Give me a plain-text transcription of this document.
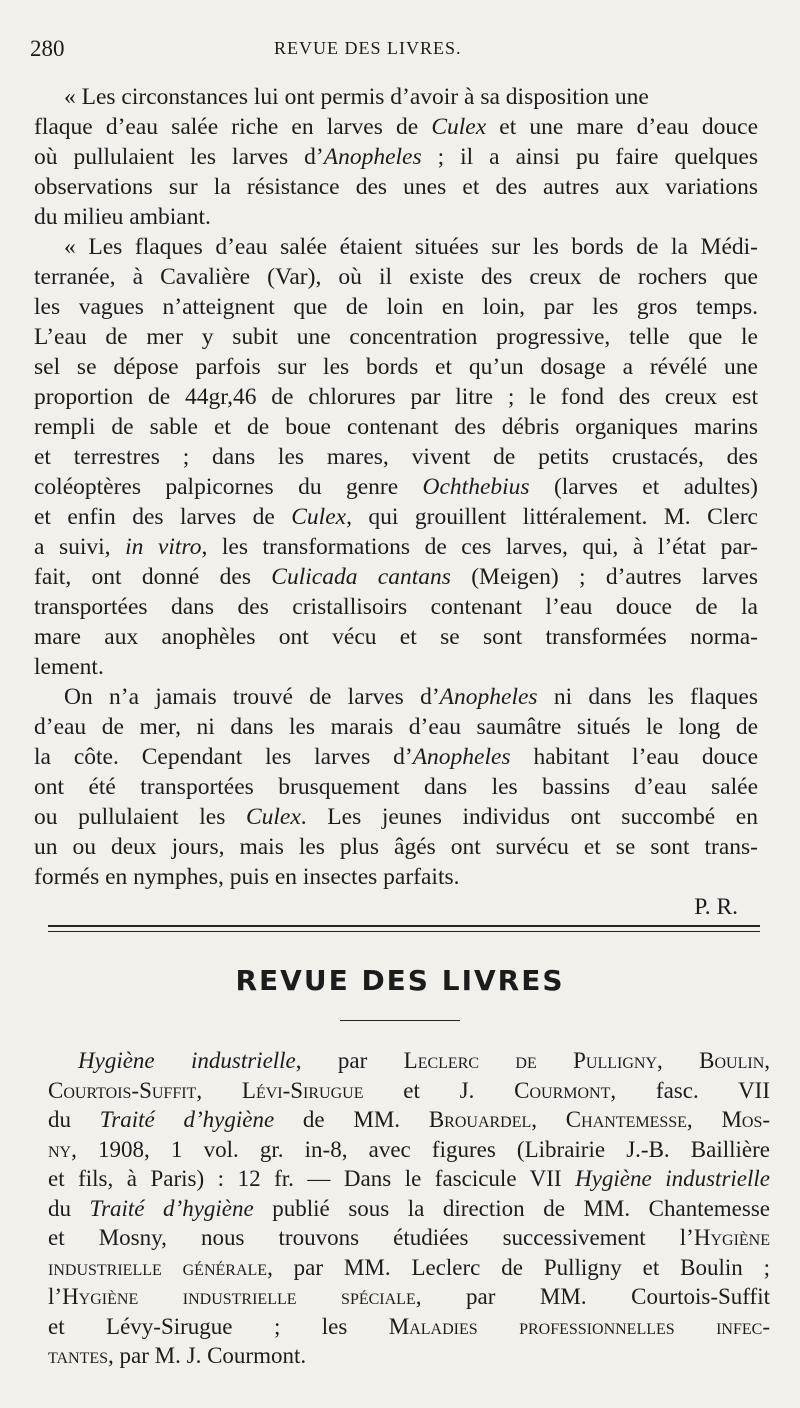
280	REVUE DES LIVRES.
« Les circonstances lui ont permis d’avoir à sa disposition une
flaque d’eau salée riche en larves de Culex et une mare d’eau douce
où pullulaient les larves d’Anopheles ; il a ainsi pu faire quelques
observations sur la résistance des unes et des autres aux variations
du milieu ambiant.
« Les flaques d’eau salée étaient situées sur les bords de la Médi-
terranée, à Cavalière (Var), où il existe des creux de rochers que
les vagues n’atteignent que de loin en loin, par les gros temps.
L’eau de mer y subit une concentration progressive, telle que le
sel se dépose parfois sur les bords et qu’un dosage a révélé une
proportion de 44gr,46 de chlorures par litre ; le fond des creux est
rempli de sable et de boue contenant des débris organiques marins
et terrestres ; dans les mares, vivent de petits crustacés, des
coléoptères palpicornes du genre Ochthebius (larves et adultes)
et enfin des larves de Culex, qui grouillent littéralement. M. Clerc
a suivi, in vitro, les transformations de ces larves, qui, à l’état par-
fait, ont donné des Culicada cantans (Meigen) ; d’autres larves
transportées dans des cristallisoirs contenant l’eau douce de la
mare aux anophèles ont vécu et se sont transformées norma-
lement.
On n’a jamais trouvé de larves d’Anopheles ni dans les flaques
d’eau de mer, ni dans les marais d’eau saumâtre situés le long de
la côte. Cependant les larves d’Anopheles habitant l’eau douce
ont été transportées brusquement dans les bassins d’eau salée
ou pullulaient les Culex. Les jeunes individus ont succombé en
un ou deux jours, mais les plus âgés ont survécu et se sont trans-
formés en nymphes, puis en insectes parfaits.
P. R.
REVUE DES LIVRES
Hygiène industrielle, par Leclerc de Pulligny, Boulin,
Courtois-Suffit, Lévi-Sirugue et J. Courmont, fasc. VII
du Traité d’hygiène de MM. Brouardel, Chantemesse, Mos-
ny, 1908, 1 vol. gr. in-8, avec figures (Librairie J.-B. Baillière
et fils, à Paris) : 12 fr. — Dans le fascicule VII Hygiène industrielle
du Traité d’hygiène publié sous la direction de MM. Chantemesse
et Mosny, nous trouvons étudiées successivement l’Hygiène
industrielle générale, par MM. Leclerc de Pulligny et Boulin ;
l’Hygiène industrielle spéciale, par MM. Courtois-Suffit
et Lévy-Sirugue ; les Maladies professionnelles infec-
tantes, par M. J. Courmont.
